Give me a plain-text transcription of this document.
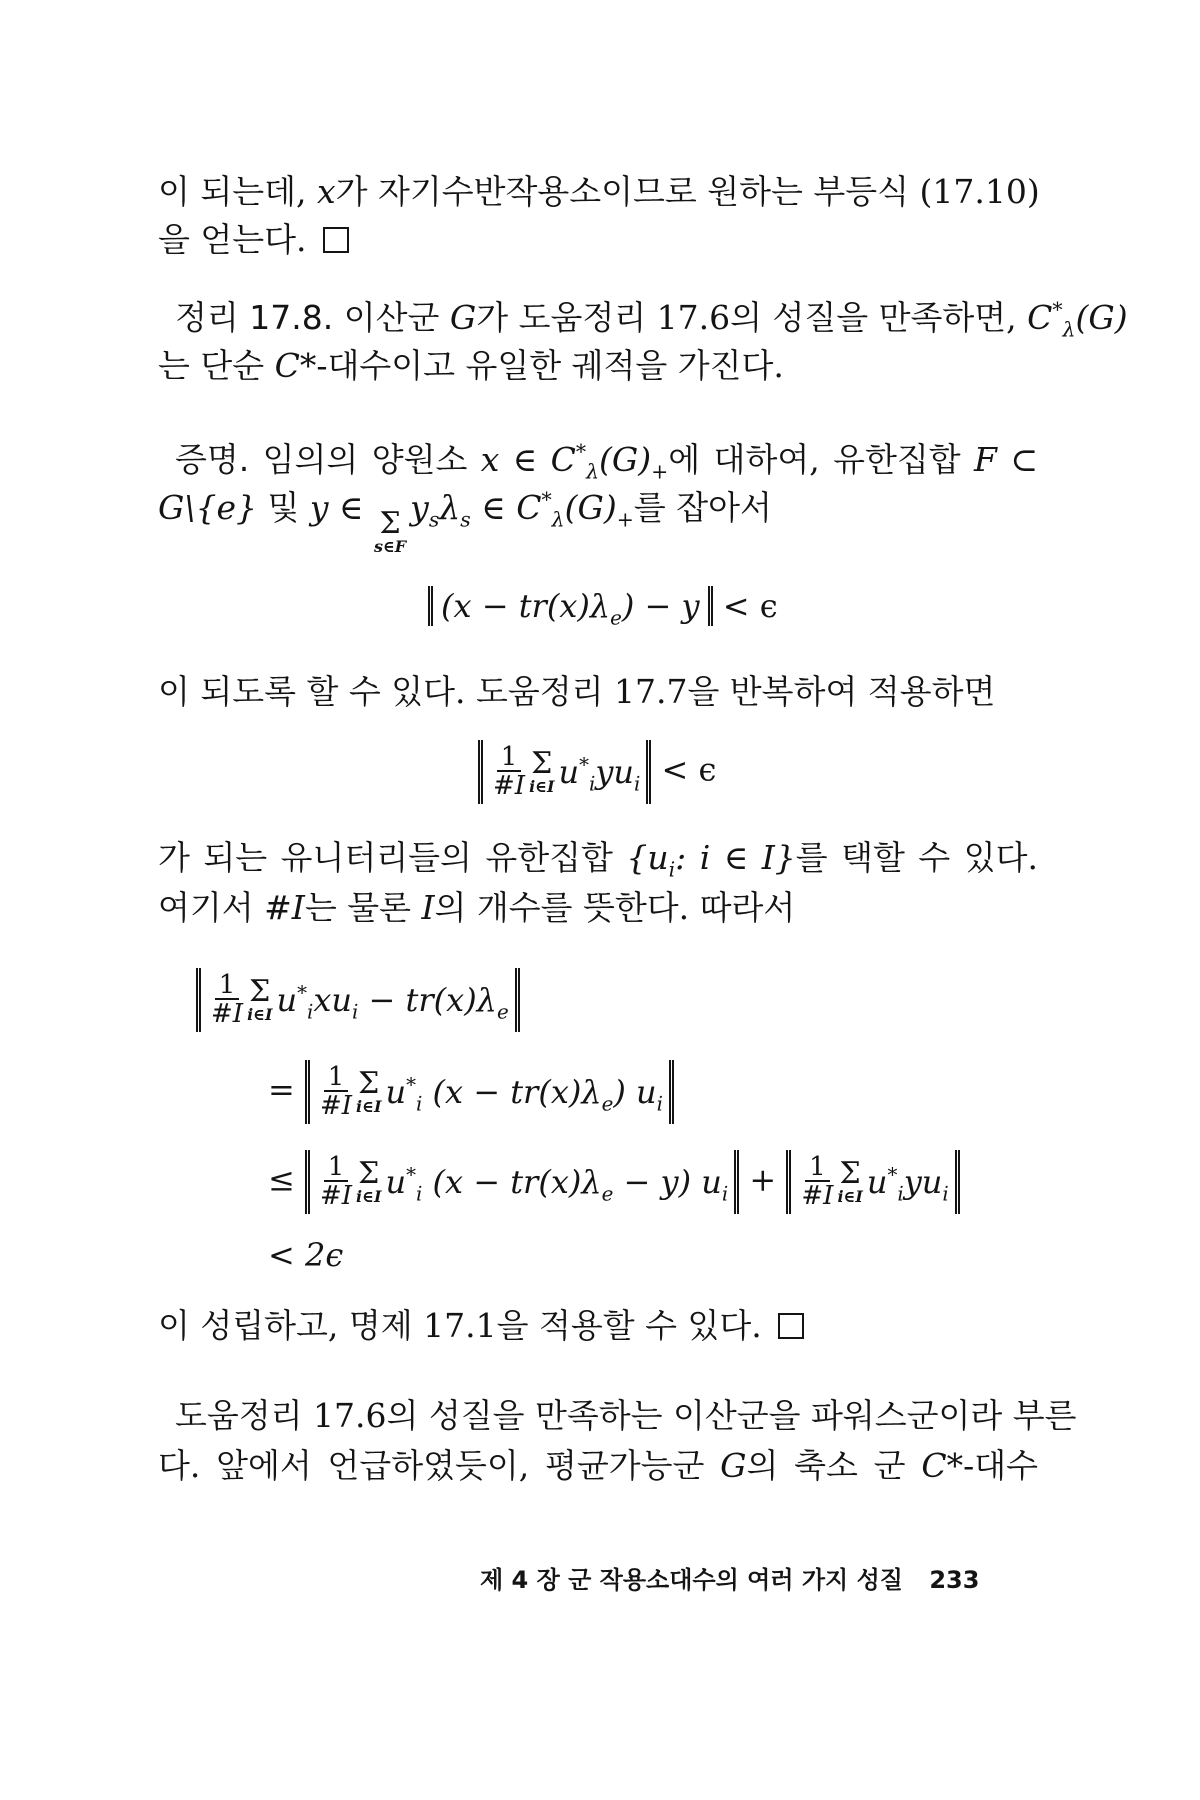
이 되는데, x가 자기수반작용소이므로 원하는 부등식 (17.10)
을 얻는다.
정리 17.8. 이산군 G가 도움정리 17.6의 성질을 만족하면, $C^*_\lambda(G)$
는 단순 C*-대수이고 유일한 궤적을 가진다.
증명. 임의의 양원소 x ∈ $C^*_\lambda(G)_+$에 대하여, 유한집합 F ⊂
G\{e} 및 y ∈ Σ
s∈F
$y_s\lambda_s$ ∈ $C^*_\lambda(G)_+$를 잡아서
$(x - tr(x)\lambda_e) - y < \epsilon$
이 되도록 할 수 있다. 도움정리 17.7을 반복하여 적용하면
$\frac{1}{\#I}$ Σ
i∈I $u^*_iyu_i < \epsilon$
가 되는 유니터리들의 유한집합 {$u_i$: i ∈ I}를 택할 수 있다.
여기서 #I는 물론 I의 개수를 뜻한다. 따라서
$\frac{1}{\#I}$ Σ
i∈I $u^*_ixu_i - tr(x)\lambda_e$
= $\frac{1}{\#I}$ Σ
i∈I $u^*_i$ $(x - tr(x)\lambda_e)$ $u_i$
≤ $\frac{1}{\#I}$ Σ
i∈I $u^*_i$ $(x - tr(x)\lambda_e - y)$ $u_i + \frac{1}{\#I}$ Σ
i∈I $u^*_iyu_i$
< 2ϵ
이 성립하고, 명제 17.1을 적용할 수 있다.
도움정리 17.6의 성질을 만족하는 이산군을 파워스군이라 부른
다. 앞에서 언급하였듯이, 평균가능군 G의 축소 군 C*-대수
제 4 장 군 작용소대수의 여러 가지 성질 233
